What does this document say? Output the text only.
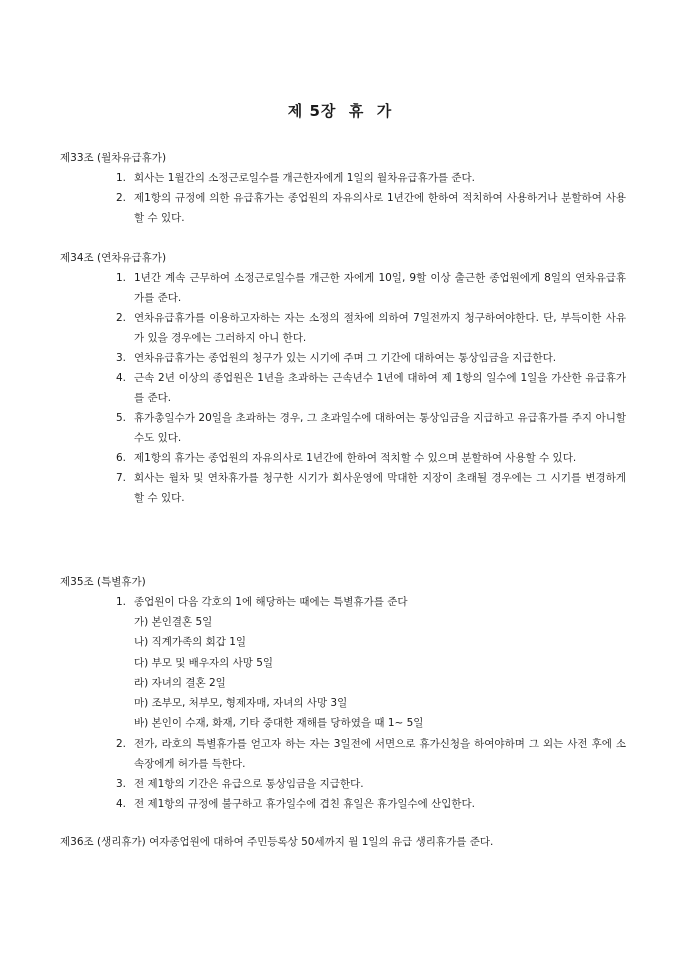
제 5장  휴  가
제33조 (월차유급휴가)
1. 회사는 1월간의 소정근로일수를 개근한자에게 1일의 월차유급휴가를 준다.
2. 제1항의 규정에 의한 유급휴가는 종업원의 자유의사로 1년간에 한하여 적치하여 사용하거나 분할하여 사용할 수 있다.
제34조 (연차유급휴가)
1. 1년간 계속 근무하여 소정근로일수를 개근한 자에게 10일, 9할 이상 출근한 종업원에게 8일의 연차유급휴가를 준다.
2. 연차유급휴가를 이용하고자하는 자는 소정의 절차에 의하여 7일전까지 청구하여야한다. 단, 부득이한 사유가 있을 경우에는 그러하지 아니 한다.
3. 연차유급휴가는 종업원의 청구가 있는 시기에 주며 그 기간에 대하여는 통상임금을 지급한다.
4. 근속 2년 이상의 종업원은 1년을 초과하는 근속년수 1년에 대하여 제 1항의 일수에 1일을 가산한 유급휴가를 준다.
5. 휴가총일수가 20일을 초과하는 경우, 그 초과일수에 대하여는 통상임금을 지급하고 유급휴가를 주지 아니할 수도 있다.
6. 제1항의 휴가는 종업원의 자유의사로 1년간에 한하여 적치할 수 있으며 분할하여 사용할 수 있다.
7. 회사는 월차 및 연차휴가를 청구한 시기가 회사운영에 막대한 지장이 초래될 경우에는 그 시기를 변경하게 할 수 있다.
제35조 (특별휴가)
1. 종업원이 다음 각호의 1에 해당하는 때에는 특별휴가를 준다
가) 본인결혼 5일
나) 직계가족의 회갑 1일
다) 부모 및 배우자의 사망 5일
라) 자녀의 결혼 2일
마) 조부모, 처부모, 형제자매, 자녀의 사망 3일
바) 본인이 수재, 화재, 기타 중대한 재해를 당하였을 때 1~ 5일
2. 전가, 라호의 특별휴가를 얻고자 하는 자는 3일전에 서면으로 휴가신청을 하여야하며 그 외는 사전 후에 소속장에게 허가를 득한다.
3. 전 제1항의 기간은 유급으로 통상임금을 지급한다.
4. 전 제1항의 규정에 불구하고 휴가일수에 겹친 휴일은 휴가일수에 산입한다.
제36조 (생리휴가) 여자종업원에 대하여 주민등록상 50세까지 월 1일의 유급 생리휴가를 준다.
